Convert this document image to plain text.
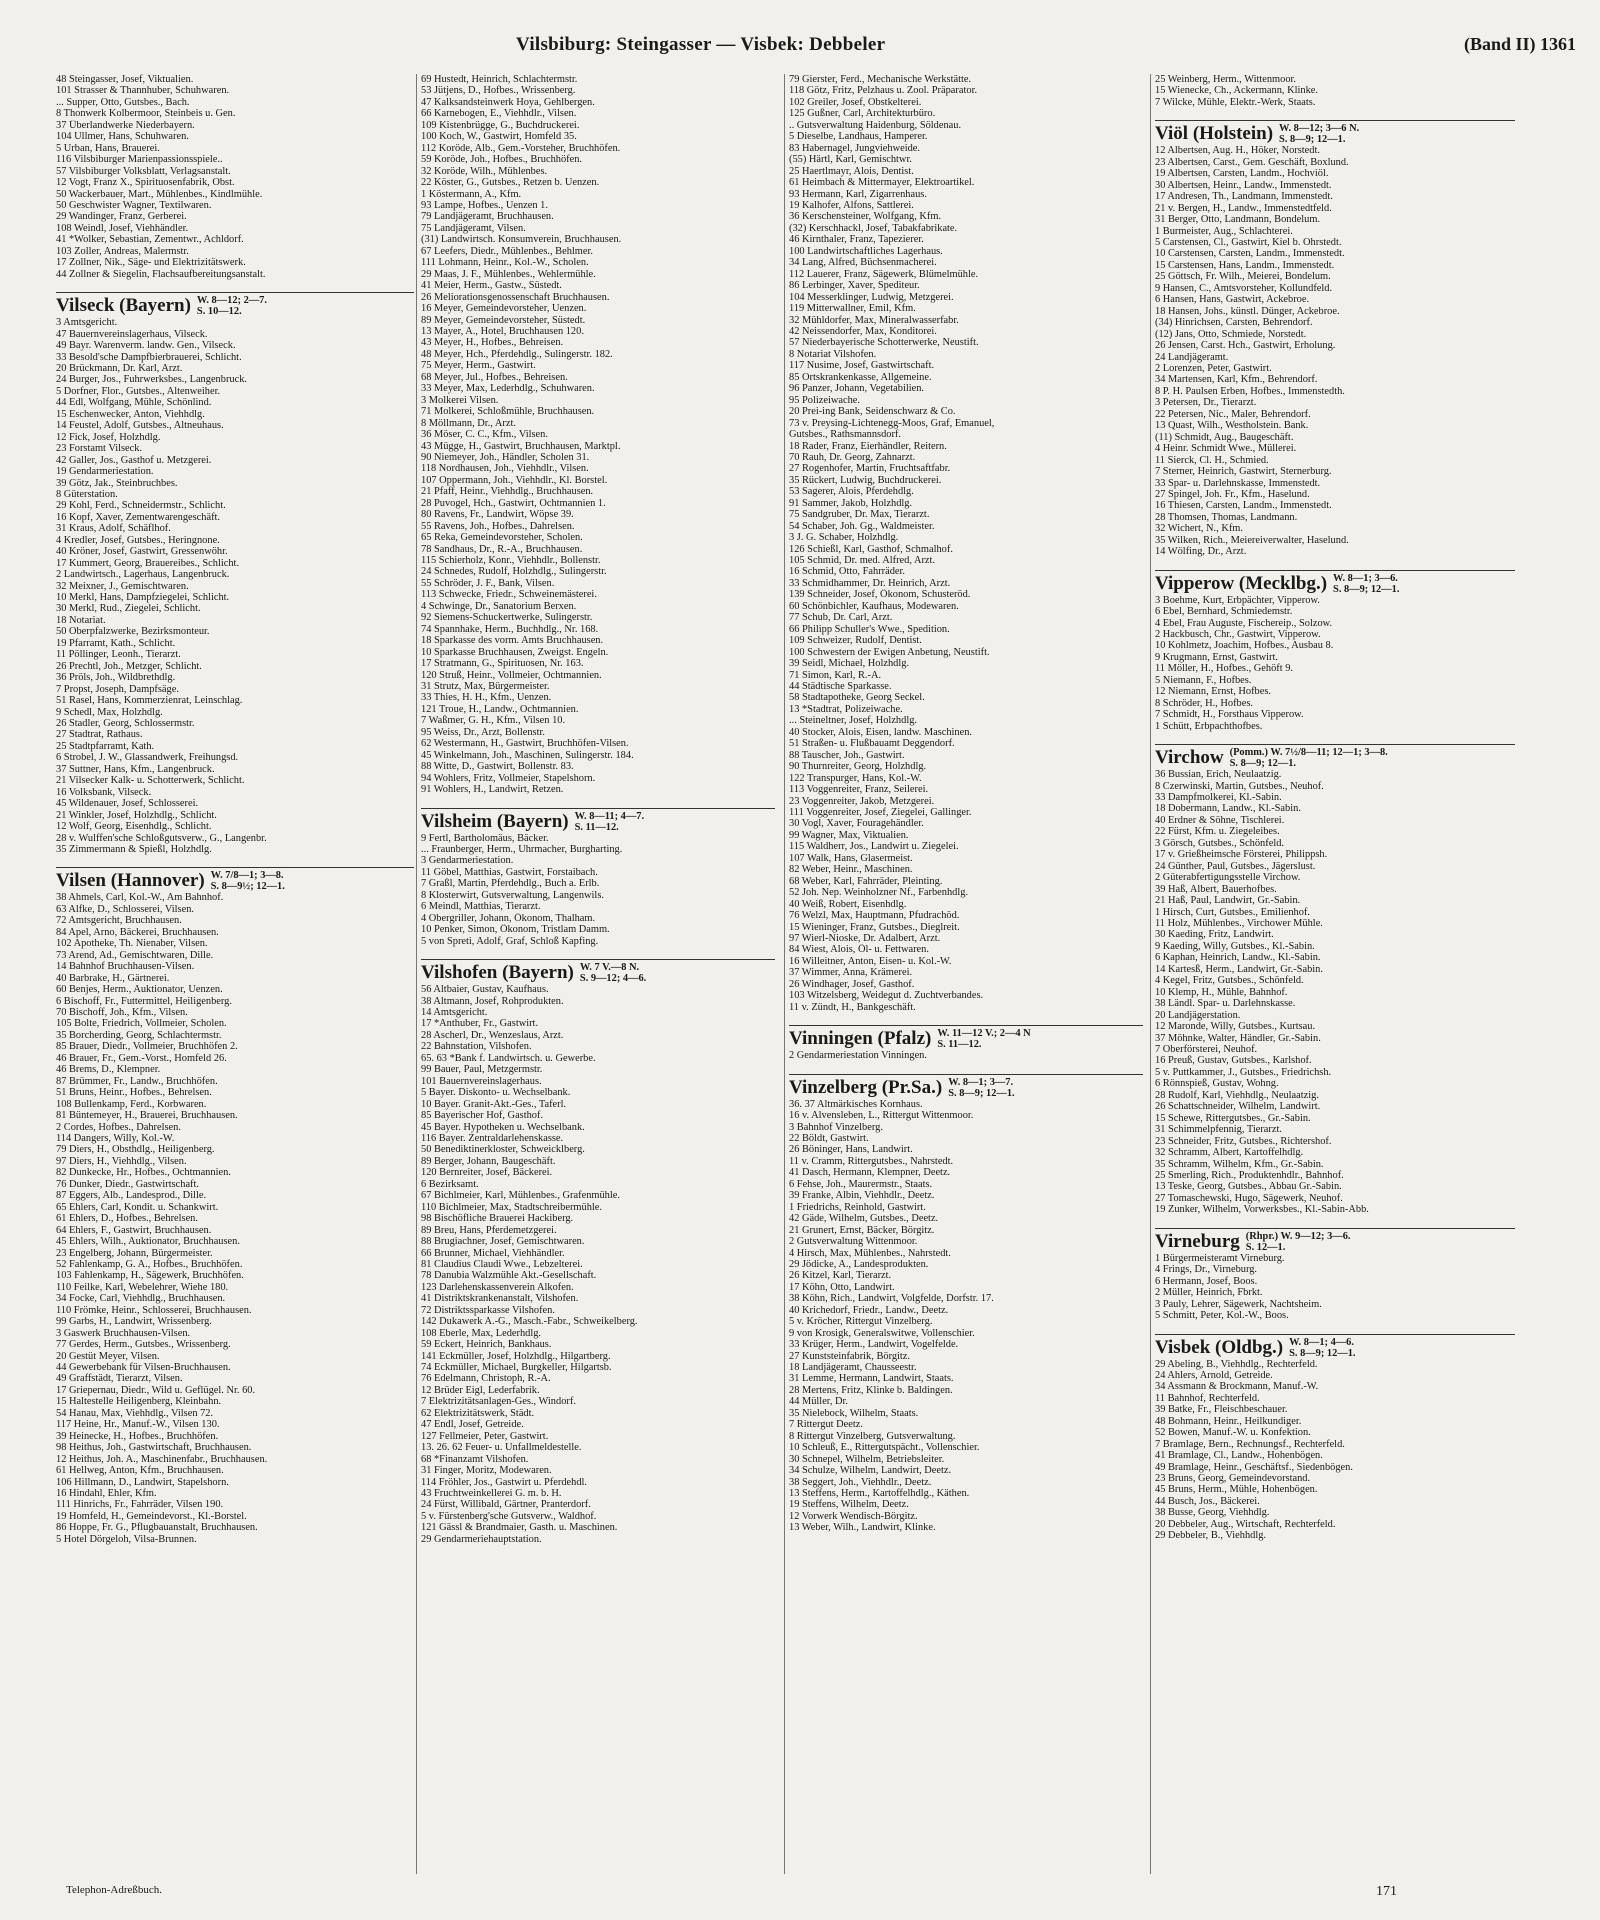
Vilsbiburg: Steingasser — Visbek: Debbeler	(Band II) 1361
48 Steingasser, Josef, Viktualien.
101 Strasser & Thannhuber, Schuhwaren.
... Supper, Otto, Gutsbes., Bach.
8 Thonwerk Kolbermoor, Steinbeis u. Gen.
37 Überlandwerke Niederbayern.
104 Ullmer, Hans, Schuhwaren.
5 Urban, Hans, Brauerei.
116 Vilsbiburger Marienpassionsspiele..
57 Vilsbiburger Volksblatt, Verlagsanstalt.
12 Vogt, Franz X., Spirituosenfabrik, Obst.
50 Wackerbauer, Mart., Mühlenbes., Kindlmühle.
50 Geschwister Wagner, Textilwaren.
29 Wandinger, Franz, Gerberei.
108 Weindl, Josef, Viehhändler.
41 *Wolker, Sebastian, Zementwr., Achldorf.
103 Zoller, Andreas, Malermstr.
17 Zollner, Nik., Säge- und Elektrizitätswerk.
44 Zollner & Siegelin, Flachsaufbereitungsanstalt.
Vilseck (Bayern) W. 8—12; 2—7.
S. 10—12.
3 Amtsgericht.
47 Bauernvereinslagerhaus, Vilseck.
49 Bayr. Warenverm. landw. Gen., Vilseck.
33 Besold'sche Dampfbierbrauerei, Schlicht.
20 Brückmann, Dr. Karl, Arzt.
24 Burger, Jos., Fuhrwerksbes., Langenbruck.
5 Dorfner, Flor., Gutsbes., Altenweiher.
44 Edl, Wolfgang, Mühle, Schönlind.
15 Eschenwecker, Anton, Viehhdlg.
14 Feustel, Adolf, Gutsbes., Altneuhaus.
12 Fick, Josef, Holzhdlg.
23 Forstamt Vilseck.
42 Galler, Jos., Gasthof u. Metzgerei.
19 Gendarmeriestation.
39 Götz, Jak., Steinbruchbes.
8 Güterstation.
29 Kohl, Ferd., Schneidermstr., Schlicht.
16 Kopf, Xaver, Zementwarengeschäft.
31 Kraus, Adolf, Schäflhof.
4 Kredler, Josef, Gutsbes., Heringnone.
40 Kröner, Josef, Gastwirt, Gressenwöhr.
17 Kummert, Georg, Brauereibes., Schlicht.
2 Landwirtsch., Lagerhaus, Langenbruck.
32 Meixner, J., Gemischtwaren.
10 Merkl, Hans, Dampfziegelei, Schlicht.
30 Merkl, Rud., Ziegelei, Schlicht.
18 Notariat.
50 Oberpfalzwerke, Bezirksmonteur.
19 Pfarramt, Kath., Schlicht.
11 Pöllinger, Leonh., Tierarzt.
26 Prechtl, Joh., Metzger, Schlicht.
36 Pröls, Joh., Wildbrethdlg.
7 Propst, Joseph, Dampfsäge.
51 Rasel, Hans, Kommerzienrat, Leinschlag.
9 Schedl, Max, Holzhdlg.
26 Stadler, Georg, Schlossermstr.
27 Stadtrat, Rathaus.
25 Stadtpfarramt, Kath.
6 Strobel, J. W., Glassandwerk, Freihungsd.
37 Suttner, Hans, Kfm., Langenbruck.
21 Vilsecker Kalk- u. Schotterwerk, Schlicht.
16 Volksbank, Vilseck.
45 Wildenauer, Josef, Schlosserei.
21 Winkler, Josef, Holzhdlg., Schlicht.
12 Wolf, Georg, Eisenhdlg., Schlicht.
28 v. Wulffen'sche Schloßgutsverw., G., Langenbr.
35 Zimmermann & Spießl, Holzhdlg.
Vilsen (Hannover) W. 7/8—1; 3—8.
S. 8—9½; 12—1.
38 Ahmels, Carl, Kol.-W., Am Bahnhof.
63 Alfke, D., Schlosserei, Vilsen.
72 Amtsgericht, Bruchhausen.
84 Apel, Arno, Bäckerei, Bruchhausen.
102 Apotheke, Th. Nienaber, Vilsen.
73 Arend, Ad., Gemischtwaren, Dille.
14 Bahnhof Bruchhausen-Vilsen.
40 Barbrake, H., Gärtnerei.
60 Benjes, Herm., Auktionator, Uenzen.
6 Bischoff, Fr., Futtermittel, Heiligenberg.
70 Bischoff, Joh., Kfm., Vilsen.
105 Bolte, Friedrich, Vollmeier, Scholen.
35 Borcherding, Georg, Schlachtermstr.
85 Brauer, Diedr., Vollmeier, Bruchhöfen 2.
46 Brauer, Fr., Gem.-Vorst., Homfeld 26.
46 Brems, D., Klempner.
87 Brümmer, Fr., Landw., Bruchhöfen.
51 Bruns, Heinr., Hofbes., Behrelsen.
108 Bullenkamp, Ferd., Korbwaren.
81 Büntemeyer, H., Brauerei, Bruchhausen.
2 Cordes, Hofbes., Dahrelsen.
114 Dangers, Willy, Kol.-W.
79 Diers, H., Obsthdlg., Heiligenberg.
97 Diers, H., Viehhdlg., Vilsen.
82 Dunkecke, Hr., Hofbes., Ochtmannien.
76 Dunker, Diedr., Gastwirtschaft.
87 Eggers, Alb., Landesprod., Dille.
65 Ehlers, Carl, Kondit. u. Schankwirt.
61 Ehlers, D., Hofbes., Behrelsen.
64 Ehlers, F., Gastwirt, Bruchhausen.
45 Ehlers, Wilh., Auktionator, Bruchhausen.
23 Engelberg, Johann, Bürgermeister.
52 Fahlenkamp, G. A., Hofbes., Bruchhöfen.
103 Fahlenkamp, H., Sägewerk, Bruchhöfen.
110 Feilke, Karl, Webelehrer, Wiehe 180.
34 Focke, Carl, Viehhdlg., Bruchhausen.
110 Frömke, Heinr., Schlosserei, Bruchhausen.
99 Garbs, H., Landwirt, Wrissenberg.
3 Gaswerk Bruchhausen-Vilsen.
77 Gerdes, Herm., Gutsbes., Wrissenberg.
20 Gestüt Meyer, Vilsen.
44 Gewerbebank für Vilsen-Bruchhausen.
49 Graffstädt, Tierarzt, Vilsen.
17 Griepernau, Diedr., Wild u. Geflügel. Nr. 60.
15 Haltestelle Heiligenberg, Kleinbahn.
54 Hanau, Max, Viehhdlg., Vilsen 72.
117 Heine, Hr., Manuf.-W., Vilsen 130.
39 Heinecke, H., Hofbes., Bruchhöfen.
98 Heithus, Joh., Gastwirtschaft, Bruchhausen.
12 Heithus, Joh. A., Maschinenfabr., Bruchhausen.
61 Hellweg, Anton, Kfm., Bruchhausen.
106 Hillmann, D., Landwirt, Stapelshorn.
16 Hindahl, Ehler, Kfm.
111 Hinrichs, Fr., Fahrräder, Vilsen 190.
19 Homfeld, H., Gemeindevorst., Kl.-Borstel.
86 Hoppe, Fr. G., Pflugbauanstalt, Bruchhausen.
5 Hotel Dörgeloh, Vilsa-Brunnen.
69 Hustedt, Heinrich, Schlachtermstr.
53 Jütjens, D., Hofbes., Wrissenberg.
47 Kalksandsteinwerk Hoya, Gehlbergen.
66 Karnebogen, E., Viehhdlr., Vilsen.
109 Kistenbrügge, G., Buchdruckerei.
100 Koch, W., Gastwirt, Homfeld 35.
112 Koröde, Alb., Gem.-Vorsteher, Bruchhöfen.
59 Koröde, Joh., Hofbes., Bruchhöfen.
32 Koröde, Wilh., Mühlenbes.
22 Köster, G., Gutsbes., Retzen b. Uenzen.
1 Köstermann, A., Kfm.
93 Lampe, Hofbes., Uenzen 1.
79 Landjägeramt, Bruchhausen.
75 Landjägeramt, Vilsen.
(31) Landwirtsch. Konsumverein, Bruchhausen.
67 Leefers, Diedr., Mühlenbes., Behlmer.
111 Lohmann, Heinr., Kol.-W., Scholen.
29 Maas, J. F., Mühlenbes., Wehlermühle.
41 Meier, Herm., Gastw., Süstedt.
26 Meliorationsgenossenschaft Bruchhausen.
16 Meyer, Gemeindevorsteher, Uenzen.
89 Meyer, Gemeindevorsteher, Süstedt.
13 Mayer, A., Hotel, Bruchhausen 120.
43 Meyer, H., Hofbes., Behreisen.
48 Meyer, Hch., Pferdehdlg., Sulingerstr. 182.
75 Meyer, Herm., Gastwirt.
68 Meyer, Jul., Hofbes., Behreisen.
33 Meyer, Max, Lederhdlg., Schuhwaren.
3 Molkerei Vilsen.
71 Molkerei, Schloßmühle, Bruchhausen.
8 Möllmann, Dr., Arzt.
36 Möser, C. C., Kfm., Vilsen.
43 Mügge, H., Gastwirt, Bruchhausen, Marktpl.
90 Niemeyer, Joh., Händler, Scholen 31.
118 Nordhausen, Joh., Viehhdlr., Vilsen.
107 Oppermann, Joh., Viehhdlr., Kl. Borstel.
21 Pfaff, Heinr., Viehhdlg., Bruchhausen.
28 Puvogel, Hch., Gastwirt, Ochtmannien 1.
80 Ravens, Fr., Landwirt, Wöpse 39.
55 Ravens, Joh., Hofbes., Dahrelsen.
65 Reka, Gemeindevorsteher, Scholen.
78 Sandhaus, Dr., R.-A., Bruchhausen.
115 Schierholz, Konr., Viehhdlr., Bollenstr.
24 Schnedes, Rudolf, Holzhdlg., Sulingerstr.
55 Schröder, J. F., Bank, Vilsen.
113 Schwecke, Friedr., Schweinemästerei.
4 Schwinge, Dr., Sanatorium Berxen.
92 Siemens-Schuckertwerke, Sulingerstr.
74 Spannhake, Herm., Buchhdlg., Nr. 168.
18 Sparkasse des vorm. Amts Bruchhausen.
10 Sparkasse Bruchhausen, Zweigst. Engeln.
17 Stratmann, G., Spirituosen, Nr. 163.
120 Struß, Heinr., Vollmeier, Ochtmannien.
31 Strutz, Max, Bürgermeister.
33 Thies, H. H., Kfm., Uenzen.
121 Troue, H., Landw., Ochtmannien.
7 Waßmer, G. H., Kfm., Vilsen 10.
95 Weiss, Dr., Arzt, Bollenstr.
62 Westermann, H., Gastwirt, Bruchhöfen-Vilsen.
45 Winkelmann, Joh., Maschinen, Sulingerstr. 184.
88 Witte, D., Gastwirt, Bollenstr. 83.
94 Wohlers, Fritz, Vollmeier, Stapelshorn.
91 Wohlers, H., Landwirt, Retzen.
Vilsheim (Bayern) W. 8—11; 4—7.
S. 11—12.
9 Fertl, Bartholomäus, Bäcker.
... Fraunberger, Herm., Uhrmacher, Burgharting.
3 Gendarmeriestation.
11 Göbel, Matthias, Gastwirt, Forstaibach.
7 Graßl, Martin, Pferdehdlg., Buch a. Erlb.
8 Klosterwirt, Gutsverwaltung, Langenwils.
6 Meindl, Matthias, Tierarzt.
4 Obergriller, Johann, Ökonom, Thalham.
10 Penker, Simon, Ökonom, Tristlam Damm.
5 von Spreti, Adolf, Graf, Schloß Kapfing.
Vilshofen (Bayern) W. 7 V.—8 N.
S. 9—12; 4—6.
56 Altbaier, Gustav, Kaufhaus.
38 Altmann, Josef, Rohprodukten.
14 Amtsgericht.
17 *Anthuber, Fr., Gastwirt.
28 Ascherl, Dr., Wenzeslaus, Arzt.
22 Bahnstation, Vilshofen.
65. 63 *Bank f. Landwirtsch. u. Gewerbe.
99 Bauer, Paul, Metzgermstr.
101 Bauernvereinslagerhaus.
5 Bayer. Diskonto- u. Wechselbank.
10 Bayer. Granit-Akt.-Ges., Taferl.
85 Bayerischer Hof, Gasthof.
45 Bayer. Hypotheken u. Wechselbank.
116 Bayer. Zentraldarlehenskasse.
50 Benediktinerkloster, Schweicklberg.
89 Berger, Johann, Baugeschäft.
120 Bernreiter, Josef, Bäckerei.
6 Bezirksamt.
67 Bichlmeier, Karl, Mühlenbes., Grafenmühle.
110 Bichlmeier, Max, Stadtschreibermühle.
98 Bischöfliche Brauerei Hackiberg.
89 Breu, Hans, Pferdemetzgerei.
88 Brugiachner, Josef, Gemischtwaren.
66 Brunner, Michael, Viehhändler.
81 Claudius Claudi Wwe., Lebzelterei.
78 Danubia Walzmühle Akt.-Gesellschaft.
123 Darlehenskassenverein Alkofen.
41 Distriktskrankenanstalt, Vilshofen.
72 Distriktssparkasse Vilshofen.
142 Dukawerk A.-G., Masch.-Fabr., Schweikelberg.
108 Eberle, Max, Lederhdlg.
59 Eckert, Heinrich, Bankhaus.
141 Eckmüller, Josef, Holzhdlg., Hilgartberg.
74 Eckmüller, Michael, Burgkeller, Hilgartsb.
76 Edelmann, Christoph, R.-A.
12 Brüder Eigl, Lederfabrik.
7 Elektrizitätsanlagen-Ges., Windorf.
62 Elektrizitätswerk, Städt.
47 Endl, Josef, Getreide.
127 Fellmeier, Peter, Gastwirt.
13. 26. 62 Feuer- u. Unfallmeldestelle.
68 *Finanzamt Vilshofen.
31 Finger, Moritz, Modewaren.
114 Fröhler, Jos., Gastwirt u. Pferdehdl.
43 Fruchtweinkellerei G. m. b. H.
24 Fürst, Willibald, Gärtner, Pranterdorf.
5 v. Fürstenberg'sche Gutsverw., Waldhof.
121 Gässl & Brandmaier, Gasth. u. Maschinen.
29 Gendarmeriehauptstation.
79 Gierster, Ferd., Mechanische Werkstätte.
118 Götz, Fritz, Pelzhaus u. Zool. Präparator.
102 Greiler, Josef, Obstkelterei.
125 Gußner, Carl, Architekturbüro.
.. Gutsverwaltung Haidenburg, Söldenau.
5 Dieselbe, Landhaus, Hamperer.
83 Habernagel, Jungviehweide.
(55) Härtl, Karl, Gemischtwr.
25 Haertlmayr, Alois, Dentist.
61 Heimbach & Mittermayer, Elektroartikel.
93 Hermann, Karl, Zigarrenhaus.
19 Kalhofer, Alfons, Sattlerei.
36 Kerschensteiner, Wolfgang, Kfm.
(32) Kerschhackl, Josef, Tabakfabrikate.
46 Kirnthaler, Franz, Tapezierer.
100 Landwirtschaftliches Lagerhaus.
34 Lang, Alfred, Büchsenmacherei.
112 Lauerer, Franz, Sägewerk, Blümelmühle.
86 Lerbinger, Xaver, Spediteur.
104 Messerklinger, Ludwig, Metzgerei.
119 Mitterwallner, Emil, Kfm.
32 Mühldorfer, Max, Mineralwasserfabr.
42 Neissendorfer, Max, Konditorei.
57 Niederbayerische Schotterwerke, Neustift.
8 Notariat Vilshofen.
117 Nusime, Josef, Gastwirtschaft.
85 Ortskrankenkasse, Allgemeine.
96 Panzer, Johann, Vegetabilien.
95 Polizeiwache.
20 Prei-ing Bank, Seidenschwarz & Co.
73 v. Preysing-Lichtenegg-Moos, Graf, Emanuel,
Gutsbes., Rathsmannsdorf.
18 Rader, Franz, Eierhändler, Reitern.
70 Rauh, Dr. Georg, Zahnarzt.
27 Rogenhofer, Martin, Fruchtsaftfabr.
35 Rückert, Ludwig, Buchdruckerei.
53 Sagerer, Alois, Pferdehdlg.
91 Sammer, Jakob, Holzhdlg.
75 Sandgruber, Dr. Max, Tierarzt.
54 Schaber, Joh. Gg., Waldmeister.
3 J. G. Schaber, Holzhdlg.
126 Schießl, Karl, Gasthof, Schmalhof.
105 Schmid, Dr. med. Alfred, Arzt.
16 Schmid, Otto, Fahrräder.
33 Schmidhammer, Dr. Heinrich, Arzt.
139 Schneider, Josef, Ökonom, Schusteröd.
60 Schönbichler, Kaufhaus, Modewaren.
77 Schub, Dr. Carl, Arzt.
66 Philipp Schuller's Wwe., Spedition.
109 Schweizer, Rudolf, Dentist.
100 Schwestern der Ewigen Anbetung, Neustift.
39 Seidl, Michael, Holzhdlg.
71 Simon, Karl, R.-A.
44 Städtische Sparkasse.
58 Stadtapotheke, Georg Seckel.
13 *Stadtrat, Polizeiwache.
... Steineltner, Josef, Holzhdlg.
40 Stocker, Alois, Eisen, landw. Maschinen.
51 Straßen- u. Flußbauamt Deggendorf.
88 Tauscher, Joh., Gastwirt.
90 Thurnreiter, Georg, Holzhdlg.
122 Transpurger, Hans, Kol.-W.
113 Voggenreiter, Franz, Seilerei.
23 Voggenreiter, Jakob, Metzgerei.
111 Voggenreiter, Josef, Ziegelei, Gallinger.
30 Vogl, Xaver, Fouragehändler.
99 Wagner, Max, Viktualien.
115 Waldherr, Jos., Landwirt u. Ziegelei.
107 Walk, Hans, Glasermeist.
82 Weber, Heinr., Maschinen.
68 Weber, Karl, Fahrräder, Pleinting.
52 Joh. Nep. Weinholzner Nf., Farbenhdlg.
40 Weiß, Robert, Eisenhdlg.
76 Welzl, Max, Hauptmann, Pfudrachöd.
15 Wieninger, Franz, Gutsbes., Dieglreit.
97 Wierl-Nioske, Dr. Adalbert, Arzt.
84 Wiest, Alois, Öl- u. Fettwaren.
16 Willeitner, Anton, Eisen- u. Kol.-W.
37 Wimmer, Anna, Krämerei.
26 Windhager, Josef, Gasthof.
103 Witzelsberg, Weidegut d. Zuchtverbandes.
11 v. Zündt, H., Bankgeschäft.
Vinningen (Pfalz) W. 11—12 V.; 2—4 N
S. 11—12.
2 Gendarmeriestation Vinningen.
Vinzelberg (Pr.Sa.) W. 8—1; 3—7.
S. 8—9; 12—1.
36. 37 Altmärkisches Kornhaus.
16 v. Alvensleben, L., Rittergut Wittenmoor.
3 Bahnhof Vinzelberg.
22 Böldt, Gastwirt.
26 Böninger, Hans, Landwirt.
11 v. Cramm, Rittergutsbes., Nahrstedt.
41 Dasch, Hermann, Klempner, Deetz.
6 Fehse, Joh., Maurermstr., Staats.
39 Franke, Albin, Viehhdlr., Deetz.
1 Friedrichs, Reinhold, Gastwirt.
42 Gäde, Wilhelm, Gutsbes., Deetz.
21 Grunert, Ernst, Bäcker, Börgitz.
2 Gutsverwaltung Wittenmoor.
4 Hirsch, Max, Mühlenbes., Nahrstedt.
29 Jödicke, A., Landesprodukten.
26 Kitzel, Karl, Tierarzt.
17 Köhn, Otto, Landwirt.
38 Köhn, Rich., Landwirt, Volgfelde, Dorfstr. 17.
40 Krichedorf, Friedr., Landw., Deetz.
5 v. Kröcher, Rittergut Vinzelberg.
9 von Krosigk, Generalswitwe, Vollenschier.
33 Krüger, Herm., Landwirt, Vogelfelde.
27 Kunststeinfabrik, Börgitz.
18 Landjägeramt, Chausseestr.
31 Lemme, Hermann, Landwirt, Staats.
28 Mertens, Fritz, Klinke b. Baldingen.
44 Müller, Dr.
35 Nielebock, Wilhelm, Staats.
7 Rittergut Deetz.
8 Rittergut Vinzelberg, Gutsverwaltung.
10 Schleuß, E., Rittergutspächt., Vollenschier.
30 Schnepel, Wilhelm, Betriebsleiter.
34 Schulze, Wilhelm, Landwirt, Deetz.
38 Seggert, Joh., Viehhdlr., Deetz.
13 Steffens, Herm., Kartoffelhdlg., Käthen.
19 Steffens, Wilhelm, Deetz.
12 Vorwerk Wendisch-Börgitz.
13 Weber, Wilh., Landwirt, Klinke.
25 Weinberg, Herm., Wittenmoor.
15 Wienecke, Ch., Ackermann, Klinke.
7 Wilcke, Mühle, Elektr.-Werk, Staats.
Viöl (Holstein) W. 8—12; 3—6 N.
S. 8—9; 12—1.
12 Albertsen, Aug. H., Höker, Norstedt.
23 Albertsen, Carst., Gem. Geschäft, Boxlund.
19 Albertsen, Carsten, Landm., Hochviöl.
30 Albertsen, Heinr., Landw., Immenstedt.
17 Andresen, Th., Landmann, Immenstedt.
21 v. Bergen, H., Landw., Immenstedtfeld.
31 Berger, Otto, Landmann, Bondelum.
1 Burmeister, Aug., Schlachterei.
5 Carstensen, Cl., Gastwirt, Kiel b. Ohrstedt.
10 Carstensen, Carsten, Landm., Immenstedt.
15 Carstensen, Hans, Landm., Immenstedt.
25 Göttsch, Fr. Wilh., Meierei, Bondelum.
9 Hansen, C., Amtsvorsteher, Kollundfeld.
6 Hansen, Hans, Gastwirt, Ackebroe.
18 Hansen, Johs., künstl. Dünger, Ackebroe.
(34) Hinrichsen, Carsten, Behrendorf.
(12) Jans, Otto, Schmiede, Norstedt.
26 Jensen, Carst. Hch., Gastwirt, Erholung.
24 Landjägeramt.
2 Lorenzen, Peter, Gastwirt.
34 Martensen, Karl, Kfm., Behrendorf.
8 P. H. Paulsen Erben, Hofbes., Immenstedth.
3 Petersen, Dr., Tierarzt.
22 Petersen, Nic., Maler, Behrendorf.
13 Quast, Wilh., Westholstein. Bank.
(11) Schmidt, Aug., Baugeschäft.
4 Heinr. Schmidt Wwe., Müllerei.
11 Sierck, Cl. H., Schmied.
7 Sterner, Heinrich, Gastwirt, Sternerburg.
33 Spar- u. Darlehnskasse, Immenstedt.
27 Spingel, Joh. Fr., Kfm., Haselund.
16 Thiesen, Carsten, Landm., Immenstedt.
28 Thomsen, Thomas, Landmann.
32 Wichert, N., Kfm.
35 Wilken, Rich., Meiereiverwalter, Haselund.
14 Wölfing, Dr., Arzt.
Vipperow (Mecklbg.) W. 8—1; 3—6.
S. 8—9; 12—1.
3 Boehme, Kurt, Erbpächter, Vipperow.
6 Ebel, Bernhard, Schmiedemstr.
4 Ebel, Frau Auguste, Fischereip., Solzow.
2 Hackbusch, Chr., Gastwirt, Vipperow.
10 Kohlmetz, Joachim, Hofbes., Ausbau 8.
9 Krugmann, Ernst, Gastwirt.
11 Möller, H., Hofbes., Gehöft 9.
5 Niemann, F., Hofbes.
12 Niemann, Ernst, Hofbes.
8 Schröder, H., Hofbes.
7 Schmidt, H., Forsthaus Vipperow.
1 Schütt, Erbpachthofbes.
Virchow (Pomm.) W. 7½/8—11; 12—1; 3—8.
S. 8—9; 12—1.
36 Bussian, Erich, Neulaatzig.
8 Czerwinski, Martin, Gutsbes., Neuhof.
33 Dampfmolkerei, Kl.-Sabin.
18 Dobermann, Landw., Kl.-Sabin.
40 Erdner & Söhne, Tischlerei.
22 Fürst, Kfm. u. Ziegeleibes.
3 Görsch, Gutsbes., Schönfeld.
17 v. Grießheimsche Försterei, Philippsh.
24 Günther, Paul, Gutsbes., Jägerslust.
2 Güterabfertigungsstelle Virchow.
39 Haß, Albert, Bauerhofbes.
21 Haß, Paul, Landwirt, Gr.-Sabin.
1 Hirsch, Curt, Gutsbes., Emilienhof.
11 Holz, Mühlenbes., Virchower Mühle.
30 Kaeding, Fritz, Landwirt.
9 Kaeding, Willy, Gutsbes., Kl.-Sabin.
6 Kaphan, Heinrich, Landw., Kl.-Sabin.
14 Kartesß, Herm., Landwirt, Gr.-Sabin.
4 Kegel, Fritz, Gutsbes., Schönfeld.
10 Klemp, H., Mühle, Bahnhof.
38 Ländl. Spar- u. Darlehnskasse.
20 Landjägerstation.
12 Maronde, Willy, Gutsbes., Kurtsau.
37 Möhnke, Walter, Händler, Gr.-Sabin.
7 Oberförsterei, Neuhof.
16 Preuß, Gustav, Gutsbes., Karlshof.
5 v. Puttkammer, J., Gutsbes., Friedrichsh.
6 Rönnspieß, Gustav, Wohng.
28 Rudolf, Karl, Viehhdlg., Neulaatzig.
26 Schattschneider, Wilhelm, Landwirt.
15 Schewe, Rittergutsbes., Gr.-Sabin.
31 Schimmelpfennig, Tierarzt.
23 Schneider, Fritz, Gutsbes., Richtershof.
32 Schramm, Albert, Kartoffelhdlg.
35 Schramm, Wilhelm, Kfm., Gr.-Sabin.
25 Smerling, Rich., Produktenhdlr., Bahnhof.
13 Teske, Georg, Gutsbes., Abbau Gr.-Sabin.
27 Tomaschewski, Hugo, Sägewerk, Neuhof.
19 Zunker, Wilhelm, Vorwerksbes., Kl.-Sabin-Abb.
Virneburg (Rhpr.) W. 9—12; 3—6.
S. 12—1.
1 Bürgermeisteramt Virneburg.
4 Frings, Dr., Virneburg.
6 Hermann, Josef, Boos.
2 Müller, Heinrich, Fbrkt.
3 Pauly, Lehrer, Sägewerk, Nachtsheim.
5 Schmitt, Peter, Kol.-W., Boos.
Visbek (Oldbg.) W. 8—1; 4—6.
S. 8—9; 12—1.
29 Abeling, B., Viehhdlg., Rechterfeld.
24 Ahlers, Arnold, Getreide.
34 Assmann & Brockmann, Manuf.-W.
11 Bahnhof, Rechterfeld.
39 Batke, Fr., Fleischbeschauer.
48 Bohmann, Heinr., Heilkundiger.
52 Bowen, Manuf.-W. u. Konfektion.
7 Bramlage, Bern., Rechnungsf., Rechterfeld.
41 Bramlage, Cl., Landw., Hohenbögen.
49 Bramlage, Heinr., Geschäftsf., Siedenbögen.
23 Bruns, Georg, Gemeindevorstand.
45 Bruns, Herm., Mühle, Hohenbögen.
44 Busch, Jos., Bäckerei.
38 Busse, Georg, Viehhdlg.
20 Debbeler, Aug., Wirtschaft, Rechterfeld.
29 Debbeler, B., Viehhdlg.
Telephon-Adreßbuch.	171
